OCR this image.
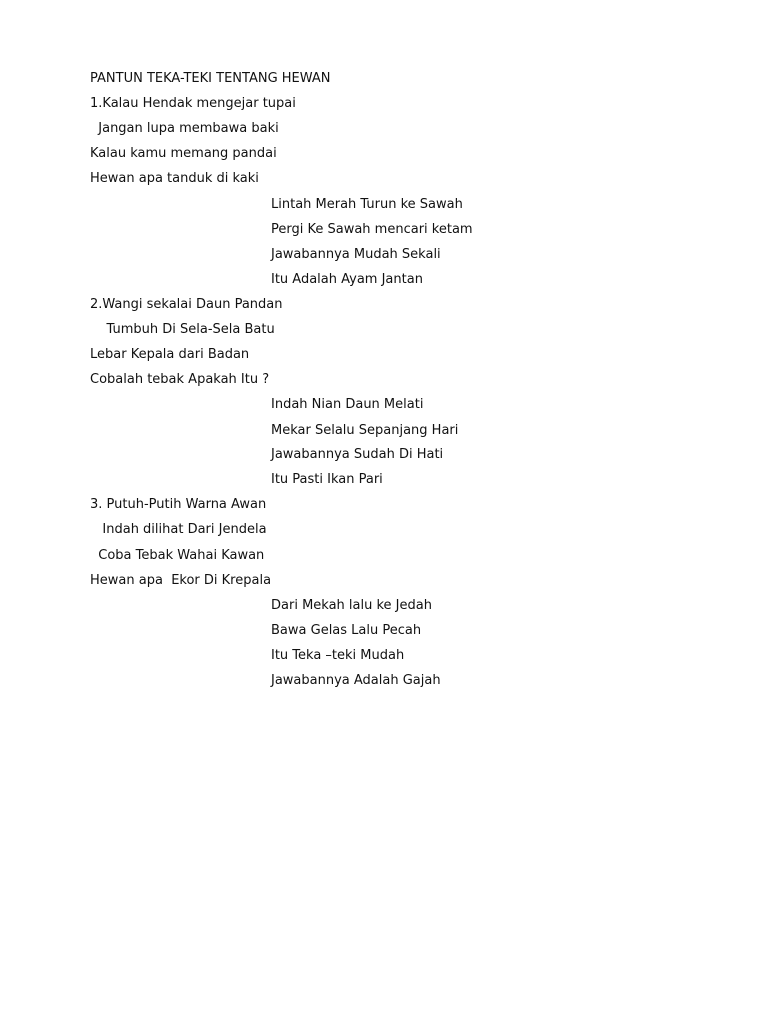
PANTUN TEKA-TEKI TENTANG HEWAN
1.Kalau Hendak mengejar tupai
Jangan lupa membawa baki
Kalau kamu memang pandai
Hewan apa tanduk di kaki
Lintah Merah Turun ke Sawah
Pergi Ke Sawah mencari ketam
Jawabannya Mudah Sekali
Itu Adalah Ayam Jantan
2.Wangi sekalai Daun Pandan
Tumbuh Di Sela-Sela Batu
Lebar Kepala dari Badan
Cobalah tebak Apakah Itu ?
Indah Nian Daun Melati
Mekar Selalu Sepanjang Hari
Jawabannya Sudah Di Hati
Itu Pasti Ikan Pari
3. Putuh-Putih Warna Awan
Indah dilihat Dari Jendela
Coba Tebak Wahai Kawan
Hewan apa  Ekor Di Krepala
Dari Mekah lalu ke Jedah
Bawa Gelas Lalu Pecah
Itu Teka –teki Mudah
Jawabannya Adalah Gajah
